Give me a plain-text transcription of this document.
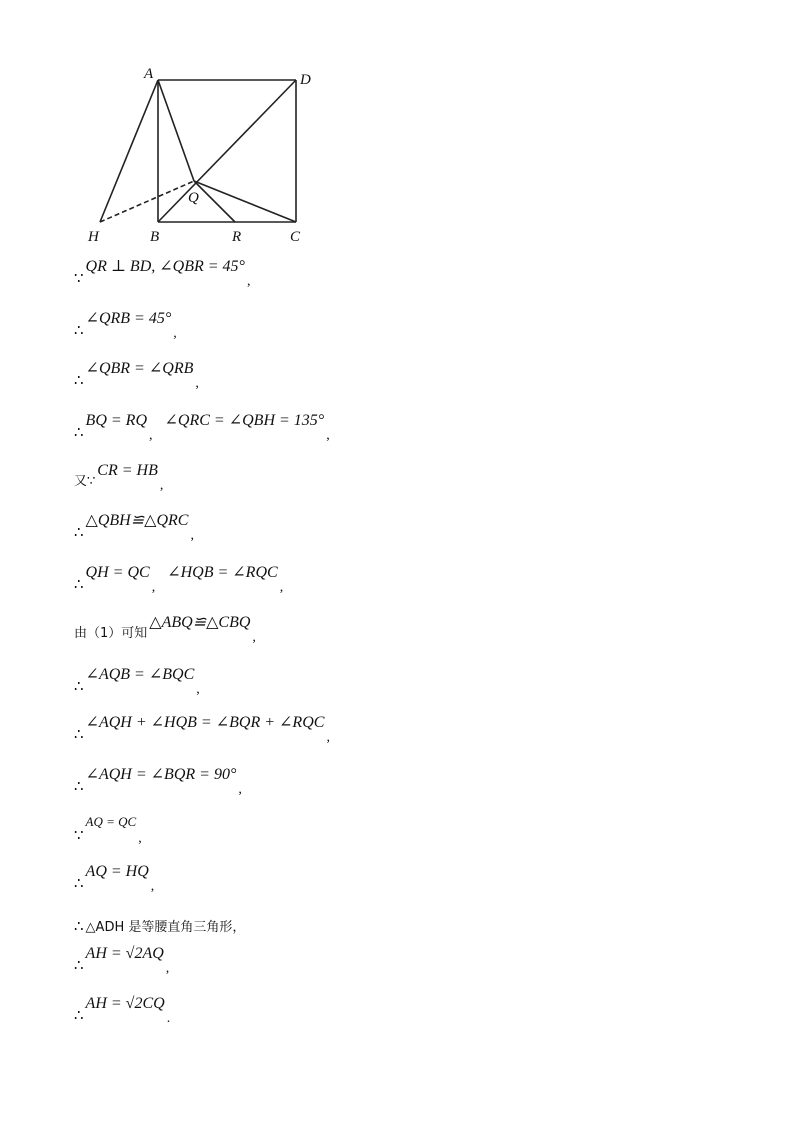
A	D
Q
H	B	R	C
∵QR ⊥ BD, ∠QBR = 45°,
∴∠QRB = 45°,
∴∠QBR = ∠QRB,
∴BQ = RQ, ∠QRC = ∠QBH = 135°,
$_{又\because}$CR = HB,
∴△QBH≌△QRC,
∴QH = QC, ∠HQB = ∠RQC,
$_{由(1)可知}$△ABQ≌△CBQ,
∴∠AQB = ∠BQC,
∴∠AQH + ∠HQB = ∠BQR + ∠RQC,
∴∠AQH = ∠BQR = 90°,
∵$^{AQ = QC}$,
∴AQ = HQ,
∴ △ADH 是等腰直角三角形，
∴AH = √2AQ,
∴AH = √2CQ.
